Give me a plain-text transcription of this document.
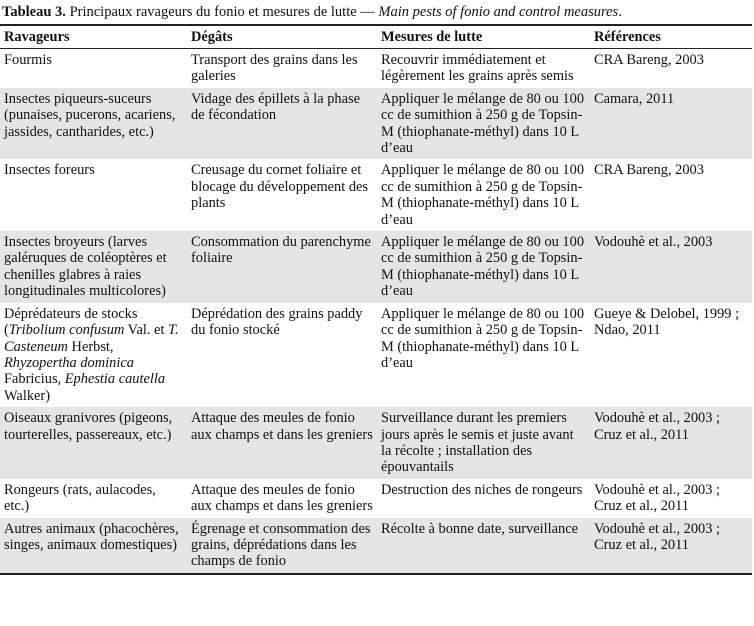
Tableau 3. Principaux ravageurs du fonio et mesures de lutte — Main pests of fonio and control measures.
Ravageurs	Dégâts	Mesures de lutte	Références
Fourmis	Transport des grains dans les galeries	Recouvrir immédiatement et légèrement les grains après semis	CRA Bareng, 2003
Insectes piqueurs-suceurs (punaises, pucerons, acariens, jassides, cantharides, etc.)	Vidage des épillets à la phase de fécondation	Appliquer le mélange de 80 ou 100 cc de sumithion à 250 g de Topsin-M (thiophanate-méthyl) dans 10 L d’eau	Camara, 2011
Insectes foreurs	Creusage du cornet foliaire et blocage du développement des plants	Appliquer le mélange de 80 ou 100 cc de sumithion à 250 g de Topsin-M (thiophanate-méthyl) dans 10 L d’eau	CRA Bareng, 2003
Insectes broyeurs (larves galéruques de coléoptères et chenilles glabres à raies longitudinales multicolores)	Consommation du parenchyme foliaire	Appliquer le mélange de 80 ou 100 cc de sumithion à 250 g de Topsin-M (thiophanate-méthyl) dans 10 L d’eau	Vodouhè et al., 2003
Déprédateurs de stocks (Tribolium confusum Val. et T. Casteneum Herbst, Rhyzopertha dominica Fabricius, Ephestia cautella Walker)	Déprédation des grains paddy du fonio stocké	Appliquer le mélange de 80 ou 100 cc de sumithion à 250 g de Topsin-M (thiophanate-méthyl) dans 10 L d’eau	Gueye & Delobel, 1999 ; Ndao, 2011
Oiseaux granivores (pigeons, tourterelles, passereaux, etc.)	Attaque des meules de fonio aux champs et dans les greniers	Surveillance durant les premiers jours après le semis et juste avant la récolte ; installation des épouvantails	Vodouhè et al., 2003 ; Cruz et al., 2011
Rongeurs (rats, aulacodes, etc.)	Attaque des meules de fonio aux champs et dans les greniers	Destruction des niches de rongeurs	Vodouhè et al., 2003 ; Cruz et al., 2011
Autres animaux (phacochères, singes, animaux domestiques)	Égrenage et consommation des grains, déprédations dans les champs de fonio	Récolte à bonne date, surveillance	Vodouhè et al., 2003 ; Cruz et al., 2011
